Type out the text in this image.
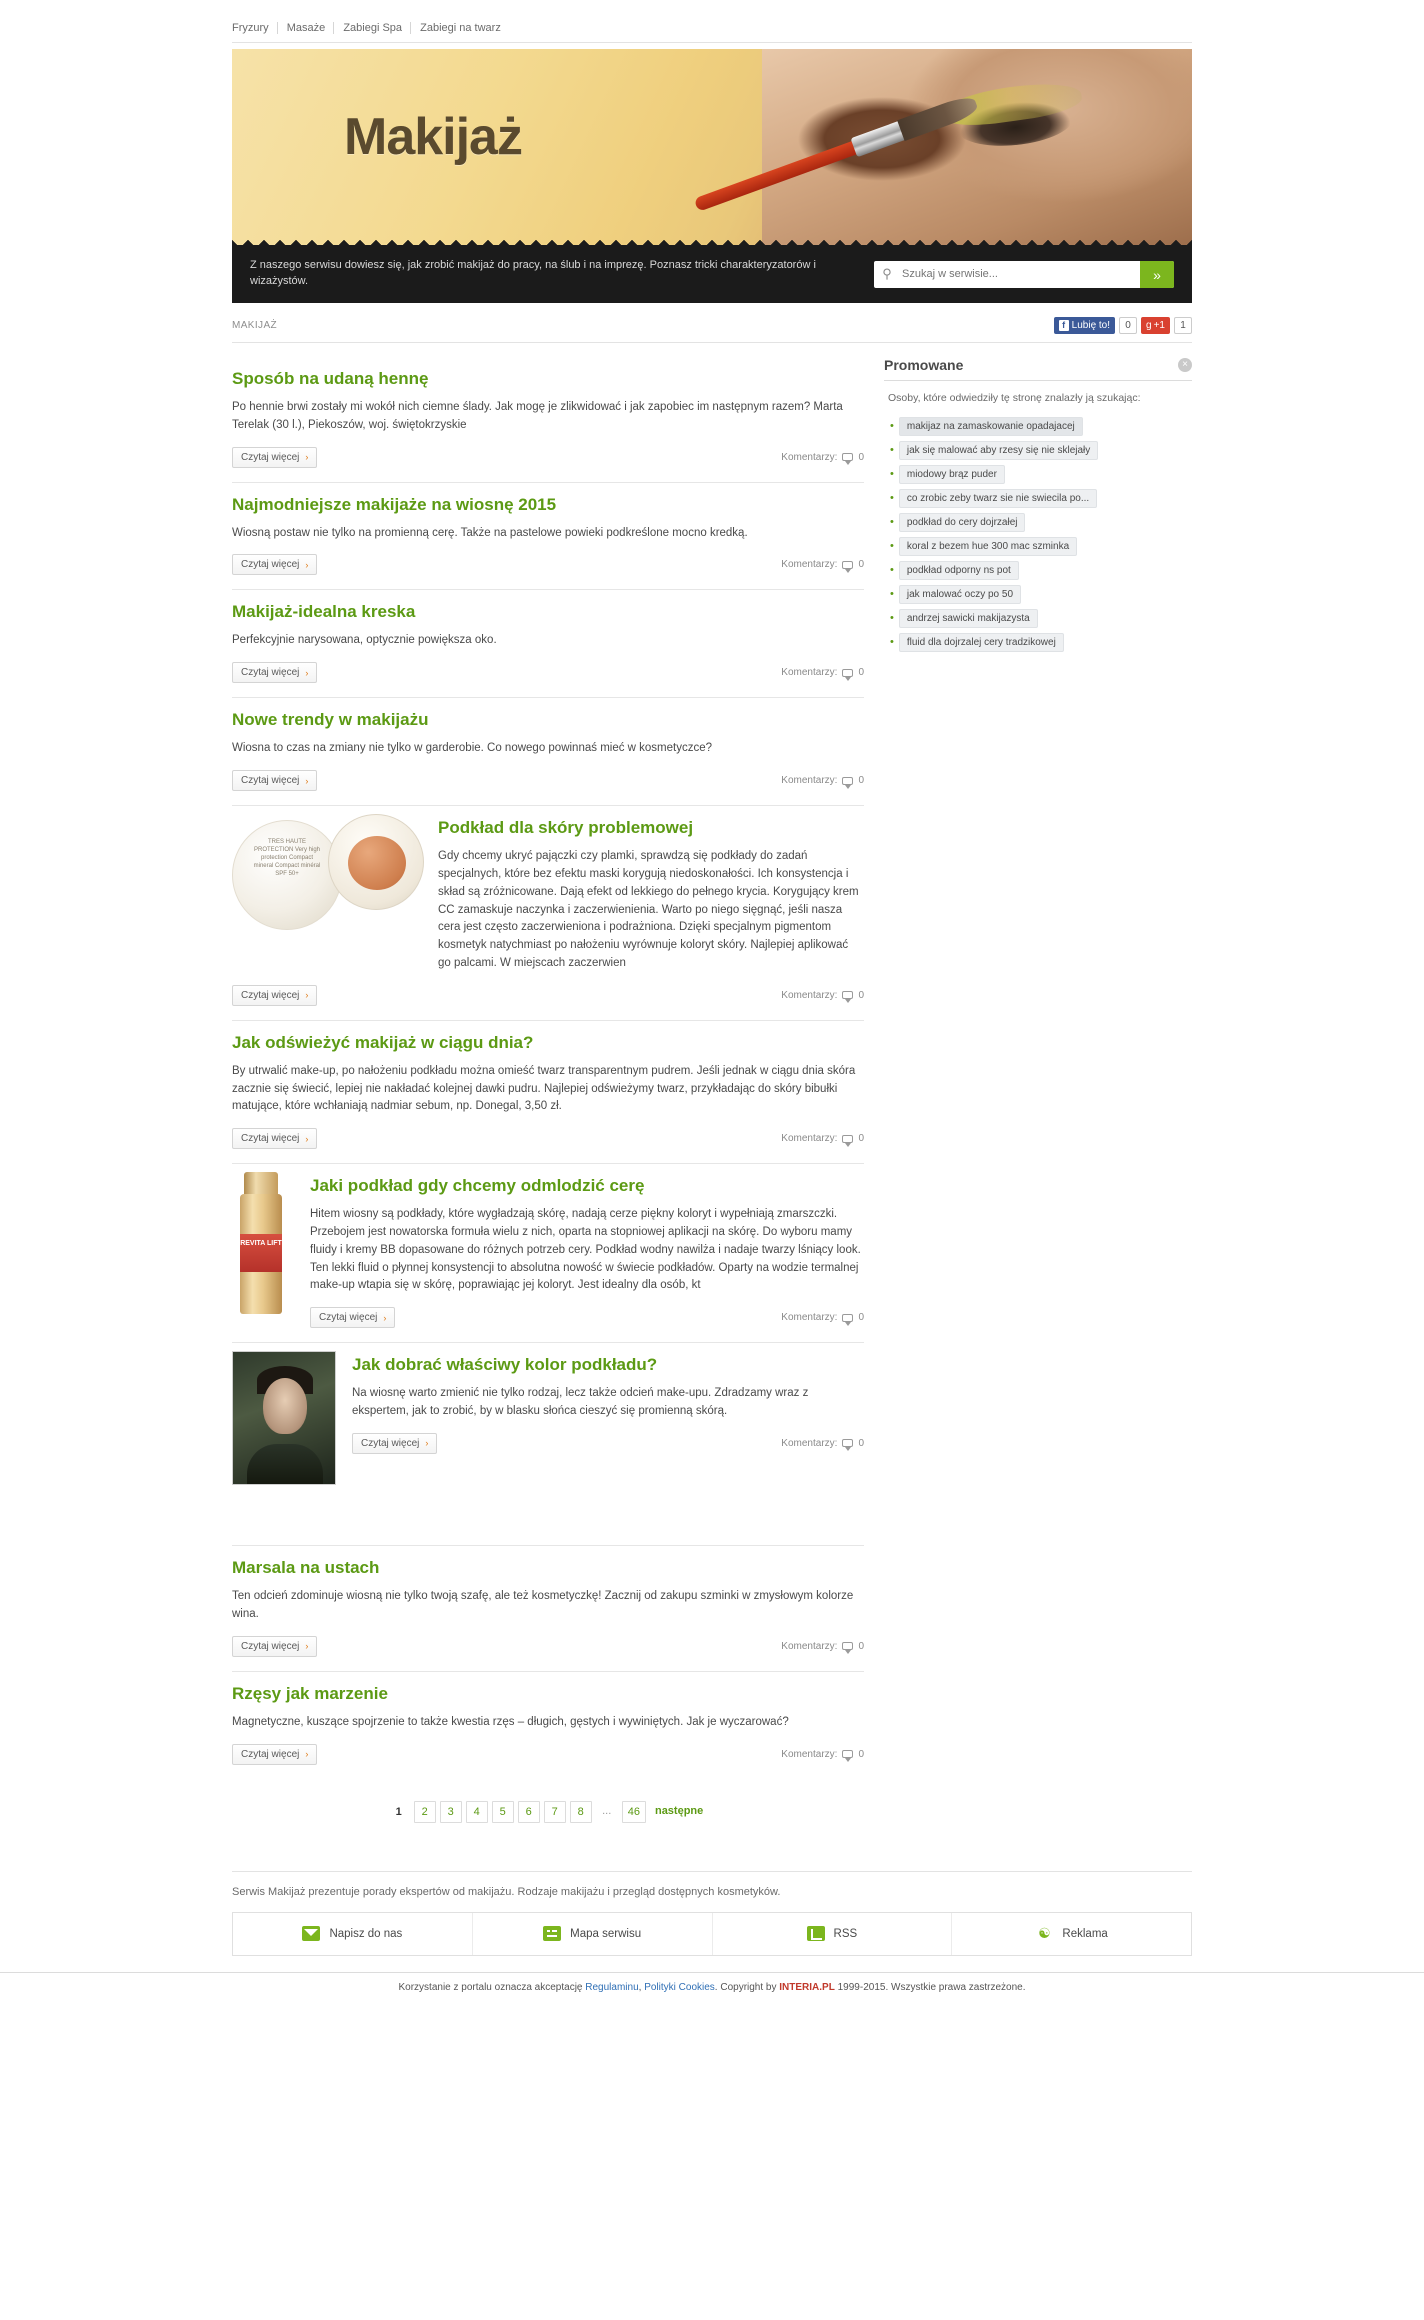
Fryzury Masaże Zabiegi Spa Zabiegi na twarz
Makijaż

Z naszego serwisu dowiesz się, jak zrobić makijaż do pracy, na ślub i na imprezę. Poznasz tricki charakteryzatorów i wizażystów.	⚲
Szukaj w serwisie...	»
MAKIJAŻ	f Lubię to!	0	g +1	1
Sposób na udaną hennę

Po hennie brwi zostały mi wokół nich ciemne ślady. Jak mogę je zlikwidować i jak zapobiec im następnym razem? Marta Terelak (30 l.), Piekoszów, woj. świętokrzyskie

Czytaj więcej ›	Komentarzy: 0
Najmodniejsze makijaże na wiosnę 2015

Wiosną postaw nie tylko na promienną cerę. Także na pastelowe powieki podkreślone mocno kredką.

Czytaj więcej ›	Komentarzy: 0
Makijaż-idealna kreska

Perfekcyjnie narysowana, optycznie powiększa oko.

Czytaj więcej ›	Komentarzy: 0
Nowe trendy w makijażu

Wiosna to czas na zmiany nie tylko w garderobie. Co nowego powinnaś mieć w kosmetyczce?

Czytaj więcej ›	Komentarzy: 0
TRES HAUTE PROTECTION Very high protection Compact mineral Compact minéral SPF 50+
Podkład dla skóry problemowej

Gdy chcemy ukryć pajączki czy plamki, sprawdzą się podkłady do zadań specjalnych, które bez efektu maski korygują niedoskonałości. Ich konsystencja i skład są zróżnicowane. Dają efekt od lekkiego do pełnego krycia. Korygujący krem CC zamaskuje naczynka i zaczerwienienia. Warto po niego sięgnąć, jeśli nasza cera jest często zaczerwieniona i podrażniona. Dzięki specjalnym pigmentom kosmetyk natychmiast po nałożeniu wyrównuje koloryt skóry. Najlepiej aplikować go palcami. W miejscach zaczerwien

Czytaj więcej ›	Komentarzy: 0
Jak odświeżyć makijaż w ciągu dnia?

By utrwalić make-up, po nałożeniu podkładu można omieść twarz transparentnym pudrem. Jeśli jednak w ciągu dnia skóra zacznie się świecić, lepiej nie nakładać kolejnej dawki pudru. Najlepiej odświeżymy twarz, przykładając do skóry bibułki matujące, które wchłaniają nadmiar sebum, np. Donegal, 3,50 zł.

Czytaj więcej ›	Komentarzy: 0
REVITA LIFT
Jaki podkład gdy chcemy odmlodzić cerę

Hitem wiosny są podkłady, które wygładzają skórę, nadają cerze piękny koloryt i wypełniają zmarszczki. Przebojem jest nowatorska formuła wielu z nich, oparta na stopniowej aplikacji na skórę. Do wyboru mamy fluidy i kremy BB dopasowane do różnych potrzeb cery. Podkład wodny nawilża i nadaje twarzy lśniący look. Ten lekki fluid o płynnej konsystencji to absolutna nowość w świecie podkładów. Oparty na wodzie termalnej make-up wtapia się w skórę, poprawiając jej koloryt. Jest idealny dla osób, kt

Czytaj więcej ›	Komentarzy: 0
Jak dobrać właściwy kolor podkładu?

Na wiosnę warto zmienić nie tylko rodzaj, lecz także odcień make-upu. Zdradzamy wraz z ekspertem, jak to zrobić, by w blasku słońca cieszyć się promienną skórą.

Czytaj więcej ›	Komentarzy: 0
Marsala na ustach

Ten odcień zdominuje wiosną nie tylko twoją szafę, ale też kosmetyczkę! Zacznij od zakupu szminki w zmysłowym kolorze wina.

Czytaj więcej ›	Komentarzy: 0
Rzęsy jak marzenie

Magnetyczne, kuszące spojrzenie to także kwestia rzęs – długich, gęstych i wywiniętych. Jak je wyczarować?

Czytaj więcej ›	Komentarzy: 0
1	2	3	4	5	6	7	8	...	46	następne
Promowane	×

Osoby, które odwiedziły tę stronę znalazły ją szukając:

•	makijaz na zamaskowanie opadajacej
•	jak się malować aby rzesy się nie sklejały
•	miodowy brąz puder
•	co zrobic zeby twarz sie nie swiecila po...
•	podkład do cery dojrzałej
•	koral z bezem hue 300 mac szminka
•	podkład odporny ns pot
•	jak malować oczy po 50
•	andrzej sawicki makijazysta
•	fluid dla dojrzalej cery tradzikowej
Serwis Makijaż prezentuje porady ekspertów od makijażu. Rodzaje makijażu i przegląd dostępnych kosmetyków.
Napisz do nas	Mapa serwisu	RSS	☯ Reklama
Korzystanie z portalu oznacza akceptację Regulaminu, Polityki Cookies. Copyright by INTERIA.PL 1999-2015. Wszystkie prawa zastrzeżone.
